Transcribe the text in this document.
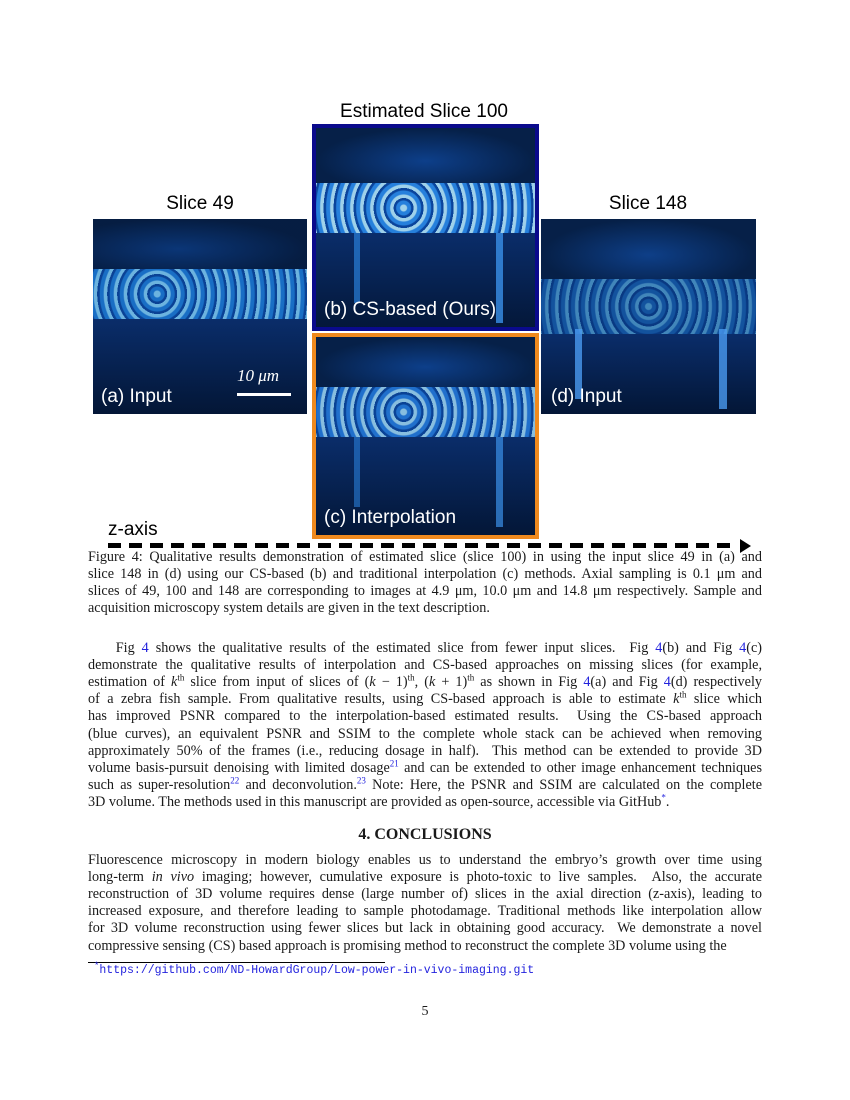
Estimated Slice 100
Slice 49	Slice 148
(a) Input
10 μm
(b) CS-based (Ours)
(c) Interpolation
(d) Input
z-axis
Figure 4: Qualitative results demonstration of estimated slice (slice 100) in using the input slice 49 in (a) and
slice 148 in (d) using our CS-based (b) and traditional interpolation (c) methods. Axial sampling is 0.1 μm and
slices of 49, 100 and 148 are corresponding to images at 4.9 μm, 10.0 μm and 14.8 μm respectively. Sample and
acquisition microscopy system details are given in the text description.
Fig 4 shows the qualitative results of the estimated slice from fewer input slices.  Fig 4(b) and Fig 4(c)
demonstrate the qualitative results of interpolation and CS-based approaches on missing slices (for example,
estimation of $k^{th}$ slice from input of slices of $(k - 1)^{th}$, $(k + 1)^{th}$ as shown in Fig 4(a) and Fig 4(d) respectively
of a zebra fish sample. From qualitative results, using CS-based approach is able to estimate $k^{th}$ slice which
has improved PSNR compared to the interpolation-based estimated results.  Using the CS-based approach
(blue curves), an equivalent PSNR and SSIM to the complete whole stack can be achieved when removing
approximately 50% of the frames (i.e., reducing dosage in half).  This method can be extended to provide 3D
volume basis-pursuit denoising with limited dosage$^{21}$ and can be extended to other image enhancement techniques
such as super-resolution$^{22}$ and deconvolution.$^{23}$ Note: Here, the PSNR and SSIM are calculated on the complete
3D volume. The methods used in this manuscript are provided as open-source, accessible via GitHub*.
4. CONCLUSIONS
Fluorescence microscopy in modern biology enables us to understand the embryo’s growth over time using
long-term in vivo imaging; however, cumulative exposure is photo-toxic to live samples.  Also, the accurate
reconstruction of 3D volume requires dense (large number of) slices in the axial direction (z-axis), leading to
increased exposure, and therefore leading to sample photodamage. Traditional methods like interpolation allow
for 3D volume reconstruction using fewer slices but lack in obtaining good accuracy.  We demonstrate a novel
compressive sensing (CS) based approach is promising method to reconstruct the complete 3D volume using the
*https://github.com/ND-HowardGroup/Low-power-in-vivo-imaging.git
5
